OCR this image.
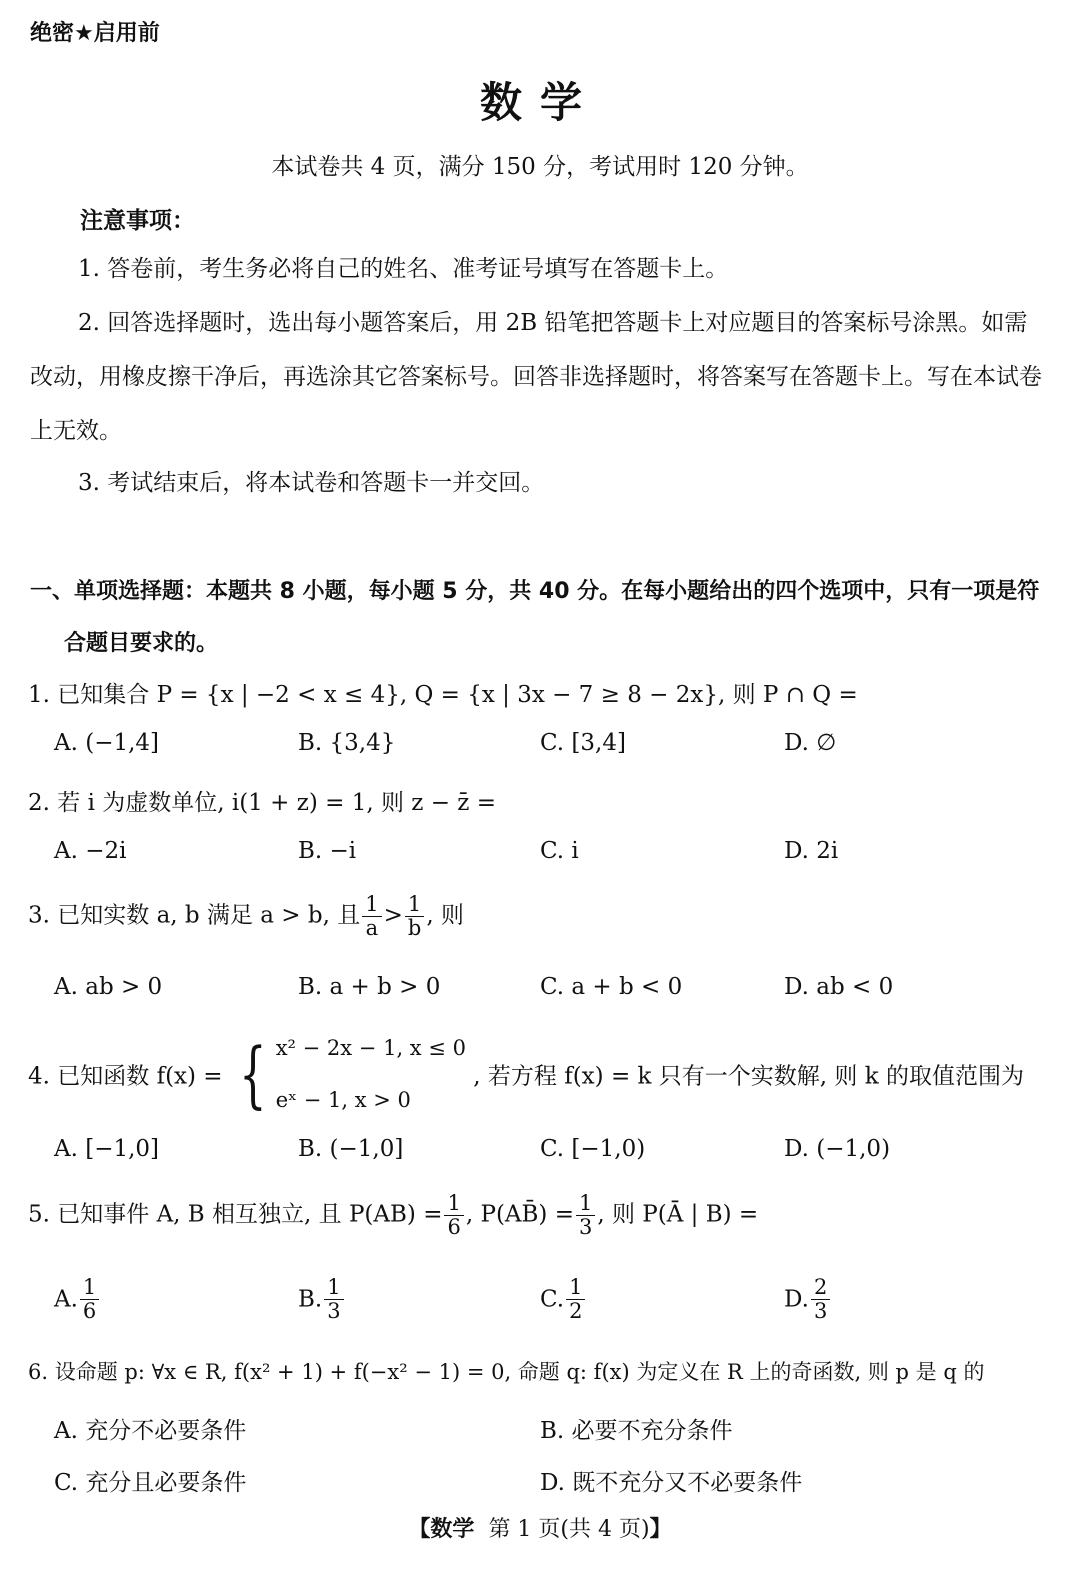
绝密★启用前
数学
本试卷共 4 页，满分 150 分，考试用时 120 分钟。
注意事项：
1. 答卷前，考生务必将自己的姓名、准考证号填写在答题卡上。
2. 回答选择题时，选出每小题答案后，用 2B 铅笔把答题卡上对应题目的答案标号涂黑。如需改动，用橡皮擦干净后，再选涂其它答案标号。回答非选择题时，将答案写在答题卡上。写在本试卷上无效。
3. 考试结束后，将本试卷和答题卡一并交回。
一、单项选择题：本题共 8 小题，每小题 5 分，共 40 分。在每小题给出的四个选项中，只有一项是符
合题目要求的。
1. 已知集合 P = {x | −2 < x ≤ 4}, Q = {x | 3x − 7 ≥ 8 − 2x}, 则 P ∩ Q =
A. (−1,4]	B. {3,4}	C. [3,4]	D. ∅
2. 若 i 为虚数单位, i(1 + z) = 1, 则 z − z̄ =
A. −2i	B. −i	C. i	D. 2i
3. 已知实数 a, b 满足 a > b, 且 $\frac{1}{a} > \frac{1}{b}$ , 则
A. ab > 0	B. a + b > 0	C. a + b < 0	D. ab < 0
4. 已知函数 f(x) = { x² − 2x − 1, x ≤ 0
eˣ − 1, x > 0 , 若方程 f(x) = k 只有一个实数解, 则 k 的取值范围为
A. [−1,0]	B. (−1,0]	C. [−1,0)	D. (−1,0)
5. 已知事件 A, B 相互独立, 且 $P(AB) = \frac{1}{6}$ , P(AB̄) = $\frac{1}{3}$ , 则 P(Ā | B) =
A. $\frac{1}{6}$	B. $\frac{1}{3}$	C. $\frac{1}{2}$	D. $\frac{2}{3}$
6. 设命题 p: ∀x ∈ R, f(x² + 1) + f(−x² − 1) = 0, 命题 q: f(x) 为定义在 R 上的奇函数, 则 p 是 q 的
A. 充分不必要条件	B. 必要不充分条件
C. 充分且必要条件	D. 既不充分又不必要条件
【数学 第 1 页(共 4 页)】
